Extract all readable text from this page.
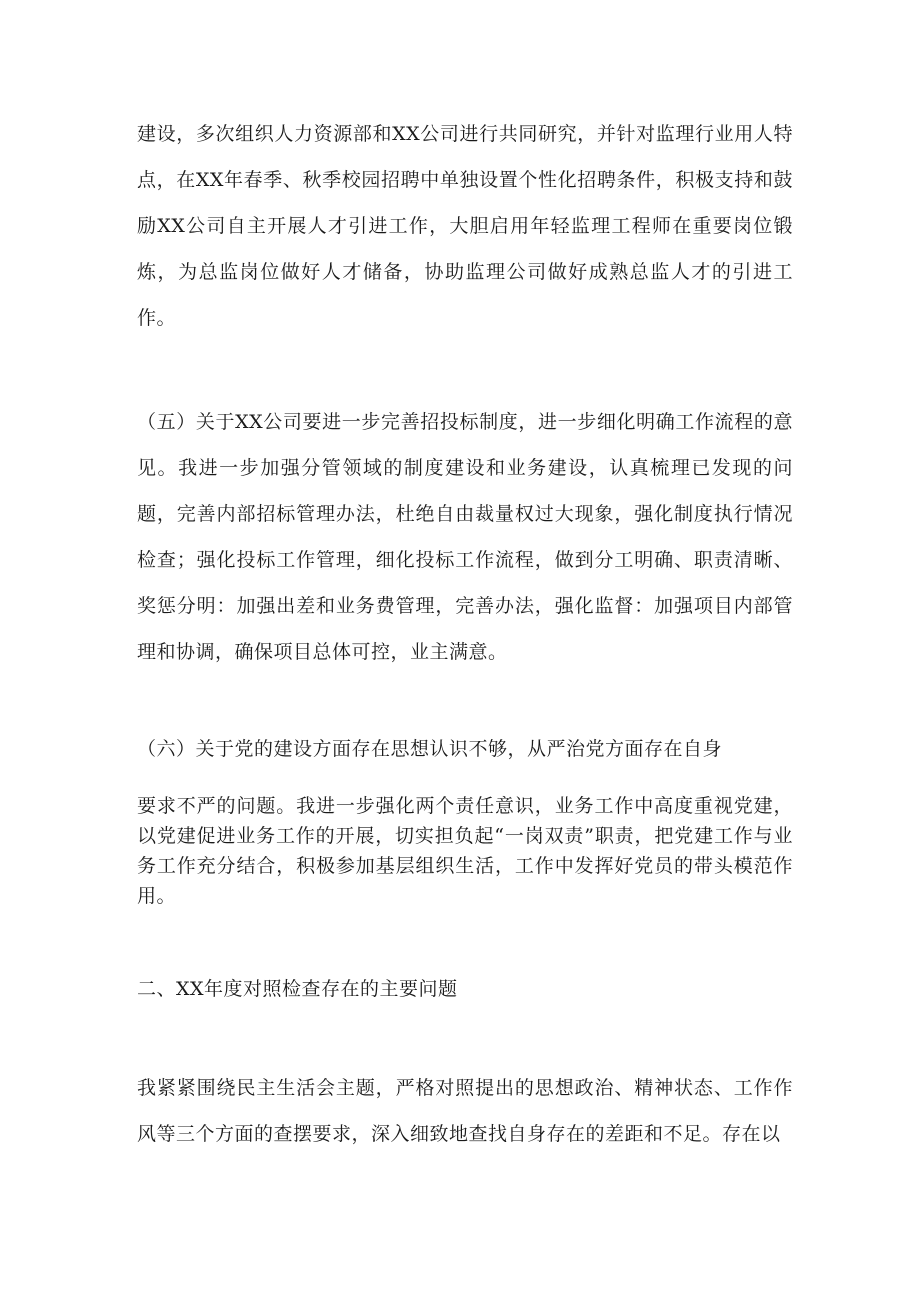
建设，多次组织人力资源部和XX公司进行共同研究，并针对监理行业用人特点，在XX年春季、秋季校园招聘中单独设置个性化招聘条件，积极支持和鼓励XX公司自主开展人才引进工作，大胆启用年轻监理工程师在重要岗位锻炼，为总监岗位做好人才储备，协助监理公司做好成熟总监人才的引进工作。

（五）关于XX公司要进一步完善招投标制度，进一步细化明确工作流程的意见。我进一步加强分管领域的制度建设和业务建设，认真梳理已发现的问题，完善内部招标管理办法，杜绝自由裁量权过大现象，强化制度执行情况检查；强化投标工作管理，细化投标工作流程，做到分工明确、职责清晰、奖惩分明：加强出差和业务费管理，完善办法，强化监督：加强项目内部管理和协调，确保项目总体可控，业主满意。

（六）关于党的建设方面存在思想认识不够，从严治党方面存在自身

要求不严的问题。我进一步强化两个责任意识，业务工作中高度重视党建，以党建促进业务工作的开展，切实担负起“一岗双责”职责，把党建工作与业务工作充分结合，积极参加基层组织生活，工作中发挥好党员的带头模范作用。

二、XX年度对照检查存在的主要问题

我紧紧围绕民主生活会主题，严格对照提出的思想政治、精神状态、工作作风等三个方面的查摆要求，深入细致地查找自身存在的差距和不足。存在以
